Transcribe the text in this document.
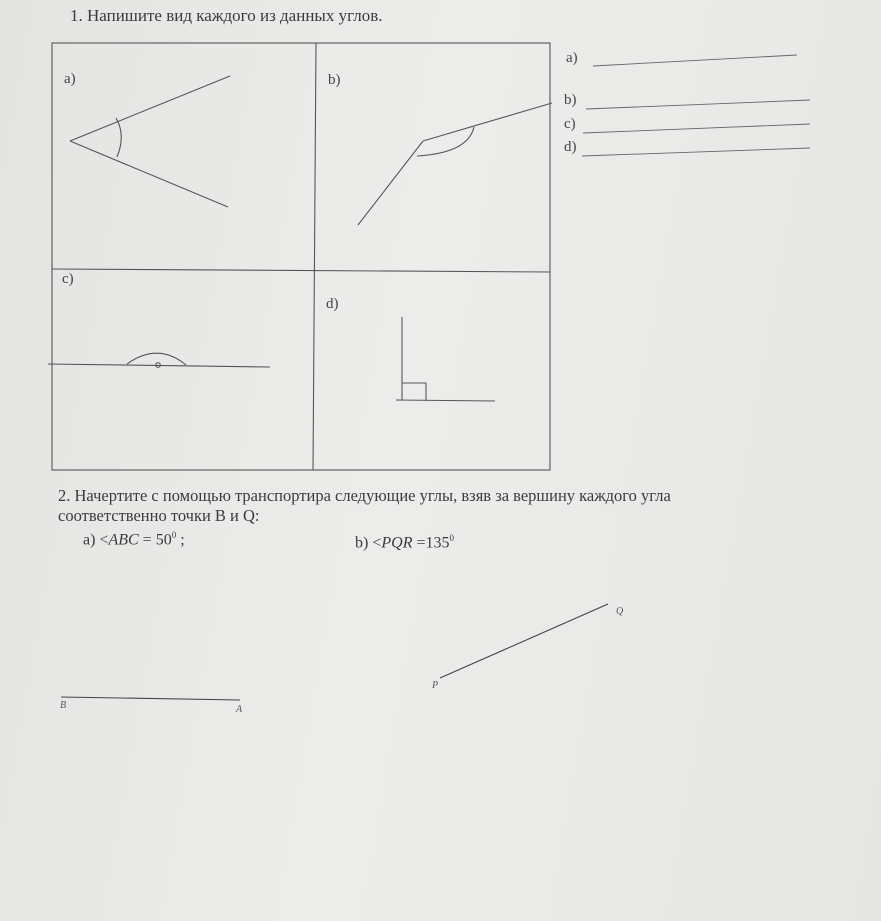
1. Напишите вид каждого из данных углов.
a)	b)
c)
d)
a)
b)
c)
d)
2. Начертите с помощью транспортира следующие углы, взяв за вершину каждого угла
соответственно точки B и Q:
$a) <ABC = 50^0$ ;	$b) <PQR =135^0$
B	A
Q
P
